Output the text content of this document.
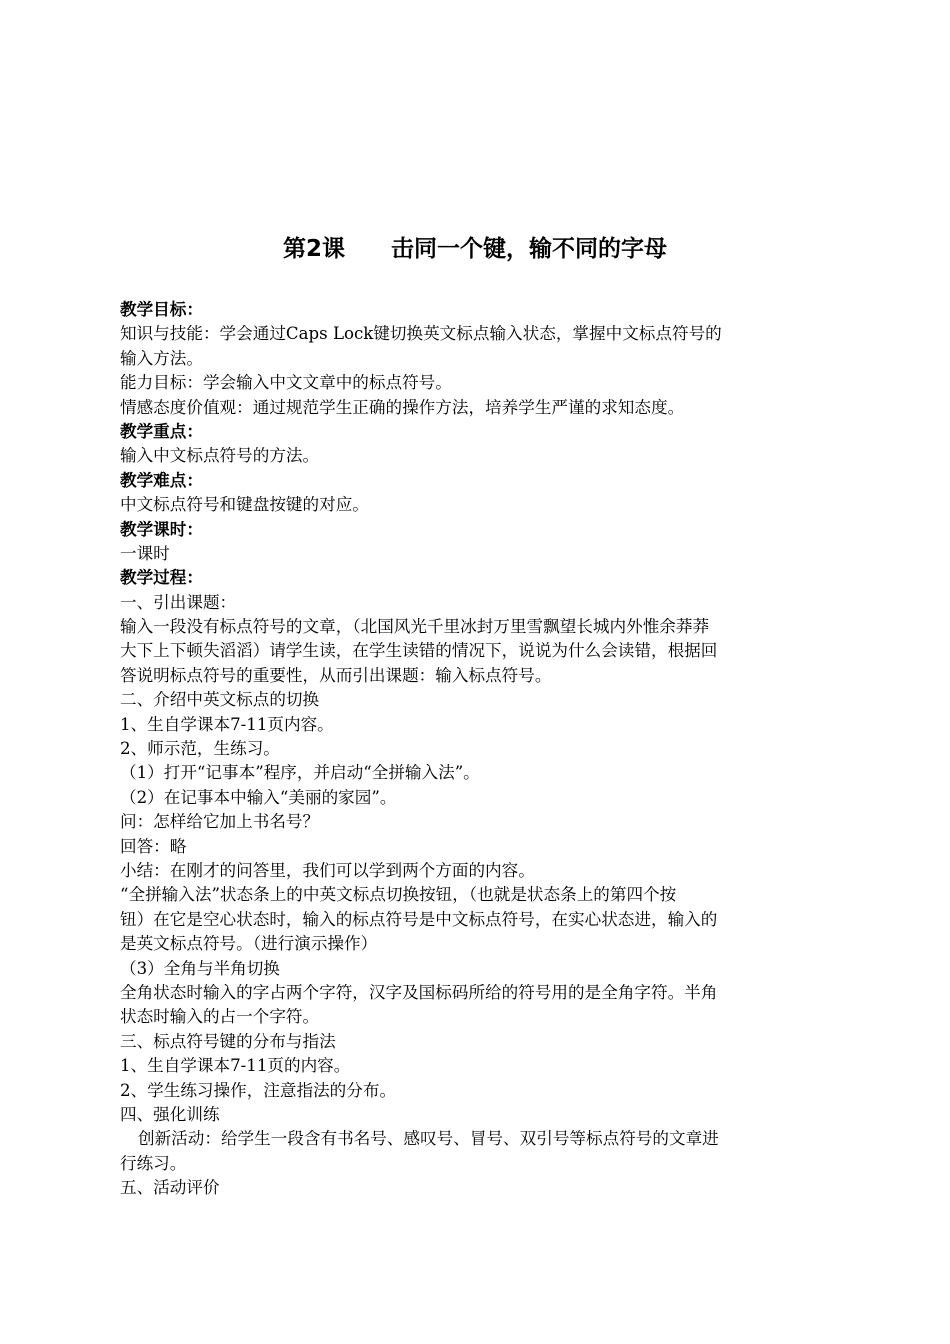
第2课　　击同一个键，输不同的字母
教学目标：
知识与技能：学会通过Caps Lock键切换英文标点输入状态，掌握中文标点符号的
输入方法。
能力目标：学会输入中文文章中的标点符号。
情感态度价值观：通过规范学生正确的操作方法，培养学生严谨的求知态度。
教学重点：
输入中文标点符号的方法。
教学难点：
中文标点符号和键盘按键的对应。
教学课时：
一课时
教学过程：
一、引出课题：
输入一段没有标点符号的文章，（北国风光千里冰封万里雪飘望长城内外惟余莽莽
大下上下顿失滔滔）请学生读，在学生读错的情况下，说说为什么会读错，根据回
答说明标点符号的重要性，从而引出课题：输入标点符号。
二、介绍中英文标点的切换
1、生自学课本7-11页内容。
2、师示范，生练习。
（1）打开“记事本”程序，并启动“全拼输入法”。
（2）在记事本中输入“美丽的家园”。
问：怎样给它加上书名号？
回答：略
小结：在刚才的问答里，我们可以学到两个方面的内容。
“全拼输入法”状态条上的中英文标点切换按钮，（也就是状态条上的第四个按
钮）在它是空心状态时，输入的标点符号是中文标点符号，在实心状态进，输入的
是英文标点符号。（进行演示操作）
（3）全角与半角切换
全角状态时输入的字占两个字符，汉字及国标码所给的符号用的是全角字符。半角
状态时输入的占一个字符。
三、标点符号键的分布与指法
1、生自学课本7-11页的内容。
2、学生练习操作，注意指法的分布。
四、强化训练
创新活动：给学生一段含有书名号、感叹号、冒号、双引号等标点符号的文章进
行练习。
五、活动评价
